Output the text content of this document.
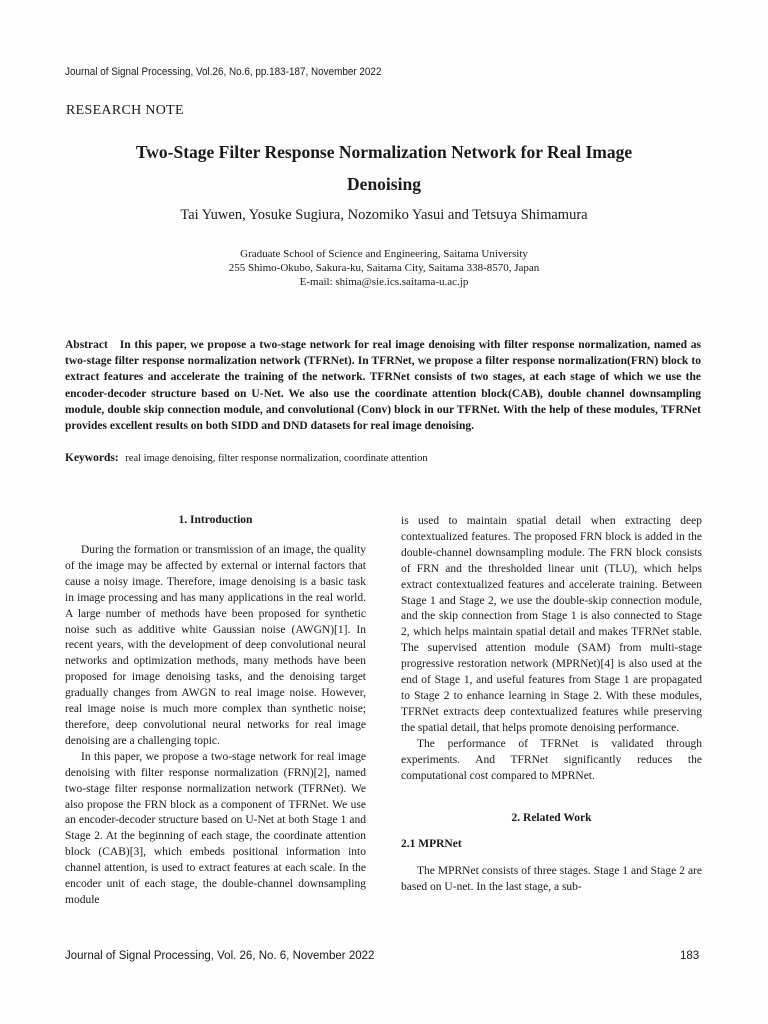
Journal of Signal Processing, Vol.26, No.6, pp.183-187, November 2022
RESEARCH NOTE
Two-Stage Filter Response Normalization Network for Real Image
Denoising
Tai Yuwen, Yosuke Sugiura, Nozomiko Yasui and Tetsuya Shimamura
Graduate School of Science and Engineering, Saitama University
255 Shimo-Okubo, Sakura-ku, Saitama City, Saitama 338-8570, Japan
E-mail: shima@sie.ics.saitama-u.ac.jp
Abstract In this paper, we propose a two-stage network for real image denoising with filter response normalization, named as two-stage filter response normalization network (TFRNet). In TFRNet, we propose a filter response normalization(FRN) block to extract features and accelerate the training of the network. TFRNet consists of two stages, at each stage of which we use the encoder-decoder structure based on U-Net. We also use the coordinate attention block(CAB), double channel downsampling module, double skip connection module, and convolutional (Conv) block in our TFRNet. With the help of these modules, TFRNet provides excellent results on both SIDD and DND datasets for real image denoising.
Keywords: real image denoising, filter response normalization, coordinate attention
1. Introduction

During the formation or transmission of an image, the quality of the image may be affected by external or internal factors that cause a noisy image. Therefore, image denoising is a basic task in image processing and has many applications in the real world. A large number of methods have been proposed for synthetic noise such as additive white Gaussian noise (AWGN)[1]. In recent years, with the development of deep convolutional neural networks and optimization methods, many methods have been proposed for image denoising tasks, and the denoising target gradually changes from AWGN to real image noise. However, real image noise is much more complex than synthetic noise; therefore, deep convolutional neural networks for real image denoising are a challenging topic.

In this paper, we propose a two-stage network for real image denoising with filter response normalization (FRN)[2], named two-stage filter response normalization network (TFRNet). We also propose the FRN block as a component of TFRNet. We use an encoder-decoder structure based on U-Net at both Stage 1 and Stage 2. At the beginning of each stage, the coordinate attention block (CAB)[3], which embeds positional information into channel attention, is used to extract features at each scale. In the encoder unit of each stage, the double-channel downsampling module

is used to maintain spatial detail when extracting deep contextualized features. The proposed FRN block is added in the double-channel downsampling module. The FRN block consists of FRN and the thresholded linear unit (TLU), which helps extract contextualized features and accelerate training. Between Stage 1 and Stage 2, we use the double-skip connection module, and the skip connection from Stage 1 is also connected to Stage 2, which helps maintain spatial detail and makes TFRNet stable. The supervised attention module (SAM) from multi-stage progressive restoration network (MPRNet)[4] is also used at the end of Stage 1, and useful features from Stage 1 are propagated to Stage 2 to enhance learning in Stage 2. With these modules, TFRNet extracts deep contextualized features while preserving the spatial detail, that helps promote denoising performance.

The performance of TFRNet is validated through experiments. And TFRNet significantly reduces the computational cost compared to MPRNet.

2. Related Work
2.1 MPRNet

The MPRNet consists of three stages. Stage 1 and Stage 2 are based on U-net. In the last stage, a sub-

Journal of Signal Processing, Vol. 26, No. 6, November 2022	183
